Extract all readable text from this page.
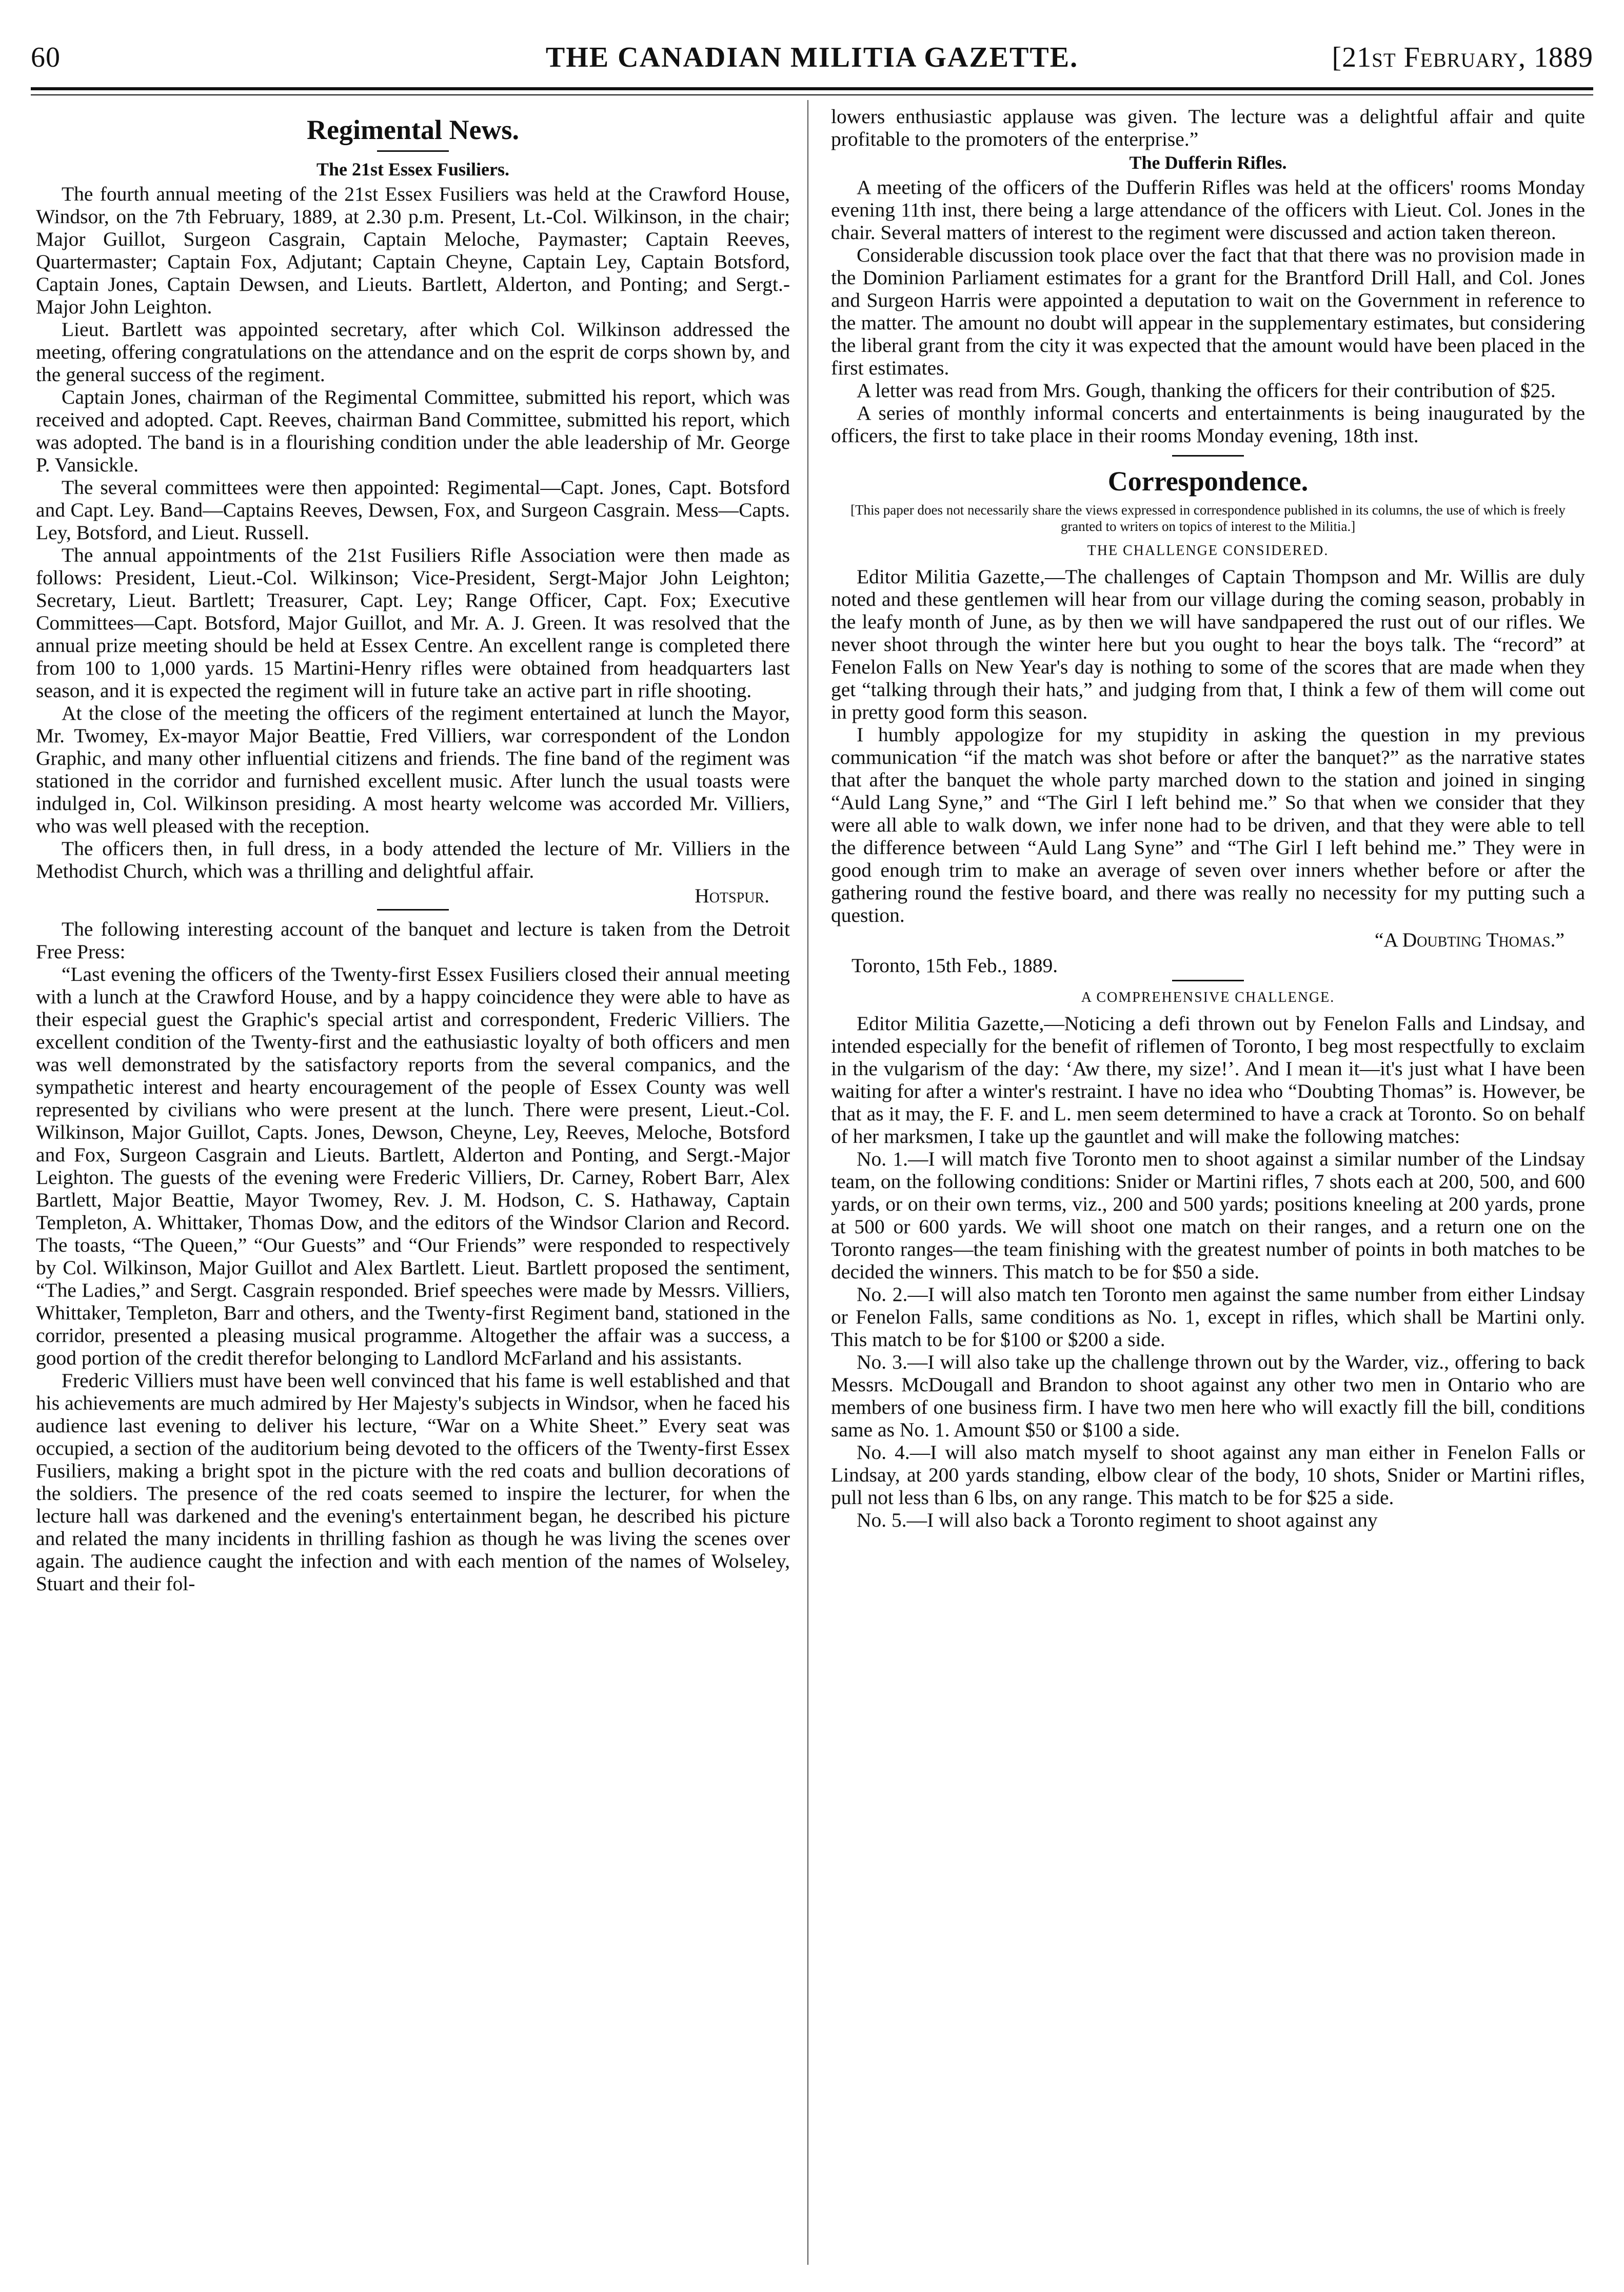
60	THE CANADIAN MILITIA GAZETTE.	[21st February, 1889
Regimental News.
The 21st Essex Fusiliers.

The fourth annual meeting of the 21st Essex Fusiliers was held at the Crawford House, Windsor, on the 7th February, 1889, at 2.30 p.m. Present, Lt.-Col. Wilkinson, in the chair; Major Guillot, Surgeon Casgrain, Captain Meloche, Paymaster; Captain Reeves, Quartermaster; Captain Fox, Adjutant; Captain Cheyne, Captain Ley, Captain Botsford, Captain Jones, Captain Dewsen, and Lieuts. Bartlett, Alderton, and Ponting; and Sergt.-Major John Leighton.

Lieut. Bartlett was appointed secretary, after which Col. Wilkinson addressed the meeting, offering congratulations on the attendance and on the esprit de corps shown by, and the general success of the regiment.

Captain Jones, chairman of the Regimental Committee, submitted his report, which was received and adopted. Capt. Reeves, chairman Band Committee, submitted his report, which was adopted. The band is in a flourishing condition under the able leadership of Mr. George P. Vansickle.

The several committees were then appointed: Regimental—Capt. Jones, Capt. Botsford and Capt. Ley. Band—Captains Reeves, Dewsen, Fox, and Surgeon Casgrain. Mess—Capts. Ley, Botsford, and Lieut. Russell.

The annual appointments of the 21st Fusiliers Rifle Association were then made as follows: President, Lieut.-Col. Wilkinson; Vice-President, Sergt-Major John Leighton; Secretary, Lieut. Bartlett; Treasurer, Capt. Ley; Range Officer, Capt. Fox; Executive Committees—Capt. Botsford, Major Guillot, and Mr. A. J. Green. It was resolved that the annual prize meeting should be held at Essex Centre. An excellent range is completed there from 100 to 1,000 yards. 15 Martini-Henry rifles were obtained from headquarters last season, and it is expected the regiment will in future take an active part in rifle shooting.

At the close of the meeting the officers of the regiment entertained at lunch the Mayor, Mr. Twomey, Ex-mayor Major Beattie, Fred Villiers, war correspondent of the London Graphic, and many other influential citizens and friends. The fine band of the regiment was stationed in the corridor and furnished excellent music. After lunch the usual toasts were indulged in, Col. Wilkinson presiding. A most hearty welcome was accorded Mr. Villiers, who was well pleased with the reception.

The officers then, in full dress, in a body attended the lecture of Mr. Villiers in the Methodist Church, which was a thrilling and delightful affair.

Hotspur.

The following interesting account of the banquet and lecture is taken from the Detroit Free Press:

“Last evening the officers of the Twenty-first Essex Fusiliers closed their annual meeting with a lunch at the Crawford House, and by a happy coincidence they were able to have as their especial guest the Graphic's special artist and correspondent, Frederic Villiers. The excellent condition of the Twenty-first and the eathusiastic loyalty of both officers and men was well demonstrated by the satisfactory reports from the several companics, and the sympathetic interest and hearty encouragement of the people of Essex County was well represented by civilians who were present at the lunch. There were present, Lieut.-Col. Wilkinson, Major Guillot, Capts. Jones, Dewson, Cheyne, Ley, Reeves, Meloche, Botsford and Fox, Surgeon Casgrain and Lieuts. Bartlett, Alderton and Ponting, and Sergt.-Major Leighton. The guests of the evening were Frederic Villiers, Dr. Carney, Robert Barr, Alex Bartlett, Major Beattie, Mayor Twomey, Rev. J. M. Hodson, C. S. Hathaway, Captain Templeton, A. Whittaker, Thomas Dow, and the editors of the Windsor Clarion and Record. The toasts, “The Queen,” “Our Guests” and “Our Friends” were responded to respectively by Col. Wilkinson, Major Guillot and Alex Bartlett. Lieut. Bartlett proposed the sentiment, “The Ladies,” and Sergt. Casgrain responded. Brief speeches were made by Messrs. Villiers, Whittaker, Templeton, Barr and others, and the Twenty-first Regiment band, stationed in the corridor, presented a pleasing musical programme. Altogether the affair was a success, a good portion of the credit therefor belonging to Landlord McFarland and his assistants.

Frederic Villiers must have been well convinced that his fame is well established and that his achievements are much admired by Her Majesty's subjects in Windsor, when he faced his audience last evening to deliver his lecture, “War on a White Sheet.” Every seat was occupied, a section of the auditorium being devoted to the officers of the Twenty-first Essex Fusiliers, making a bright spot in the picture with the red coats and bullion decorations of the soldiers. The presence of the red coats seemed to inspire the lecturer, for when the lecture hall was darkened and the evening's entertainment began, he described his picture and related the many incidents in thrilling fashion as though he was living the scenes over again. The audience caught the infection and with each mention of the names of Wolseley, Stuart and their fol-

lowers enthusiastic applause was given. The lecture was a delightful affair and quite profitable to the promoters of the enterprise.”

The Dufferin Rifles.

A meeting of the officers of the Dufferin Rifles was held at the officers' rooms Monday evening 11th inst, there being a large attendance of the officers with Lieut. Col. Jones in the chair. Several matters of interest to the regiment were discussed and action taken thereon.

Considerable discussion took place over the fact that that there was no provision made in the Dominion Parliament estimates for a grant for the Brantford Drill Hall, and Col. Jones and Surgeon Harris were appointed a deputation to wait on the Government in reference to the matter. The amount no doubt will appear in the supplementary estimates, but considering the liberal grant from the city it was expected that the amount would have been placed in the first estimates.

A letter was read from Mrs. Gough, thanking the officers for their contribution of $25.

A series of monthly informal concerts and entertainments is being inaugurated by the officers, the first to take place in their rooms Monday evening, 18th inst.

Correspondence.
[This paper does not necessarily share the views expressed in correspondence published in its columns, the use of which is freely granted to writers on topics of interest to the Militia.]
THE CHALLENGE CONSIDERED.

Editor Militia Gazette,—The challenges of Captain Thompson and Mr. Willis are duly noted and these gentlemen will hear from our village during the coming season, probably in the leafy month of June, as by then we will have sandpapered the rust out of our rifles. We never shoot through the winter here but you ought to hear the boys talk. The “record” at Fenelon Falls on New Year's day is nothing to some of the scores that are made when they get “talking through their hats,” and judging from that, I think a few of them will come out in pretty good form this season.

I humbly appologize for my stupidity in asking the question in my previous communication “if the match was shot before or after the banquet?” as the narrative states that after the banquet the whole party marched down to the station and joined in singing “Auld Lang Syne,” and “The Girl I left behind me.” So that when we consider that they were all able to walk down, we infer none had to be driven, and that they were able to tell the difference between “Auld Lang Syne” and “The Girl I left behind me.” They were in good enough trim to make an average of seven over inners whether before or after the gathering round the festive board, and there was really no necessity for my putting such a question.

“A Doubting Thomas.”
Toronto, 15th Feb., 1889.
A COMPREHENSIVE CHALLENGE.

Editor Militia Gazette,—Noticing a defi thrown out by Fenelon Falls and Lindsay, and intended especially for the benefit of riflemen of Toronto, I beg most respectfully to exclaim in the vulgarism of the day: ‘Aw there, my size!’. And I mean it—it's just what I have been waiting for after a winter's restraint. I have no idea who “Doubting Thomas” is. However, be that as it may, the F. F. and L. men seem determined to have a crack at Toronto. So on behalf of her marksmen, I take up the gauntlet and will make the following matches:

No. 1.—I will match five Toronto men to shoot against a similar number of the Lindsay team, on the following conditions: Snider or Martini rifles, 7 shots each at 200, 500, and 600 yards, or on their own terms, viz., 200 and 500 yards; positions kneeling at 200 yards, prone at 500 or 600 yards. We will shoot one match on their ranges, and a return one on the Toronto ranges—the team finishing with the greatest number of points in both matches to be decided the winners. This match to be for $50 a side.

No. 2.—I will also match ten Toronto men against the same number from either Lindsay or Fenelon Falls, same conditions as No. 1, except in rifles, which shall be Martini only. This match to be for $100 or $200 a side.

No. 3.—I will also take up the challenge thrown out by the Warder, viz., offering to back Messrs. McDougall and Brandon to shoot against any other two men in Ontario who are members of one business firm. I have two men here who will exactly fill the bill, conditions same as No. 1. Amount $50 or $100 a side.

No. 4.—I will also match myself to shoot against any man either in Fenelon Falls or Lindsay, at 200 yards standing, elbow clear of the body, 10 shots, Snider or Martini rifles, pull not less than 6 lbs, on any range. This match to be for $25 a side.

No. 5.—I will also back a Toronto regiment to shoot against any
